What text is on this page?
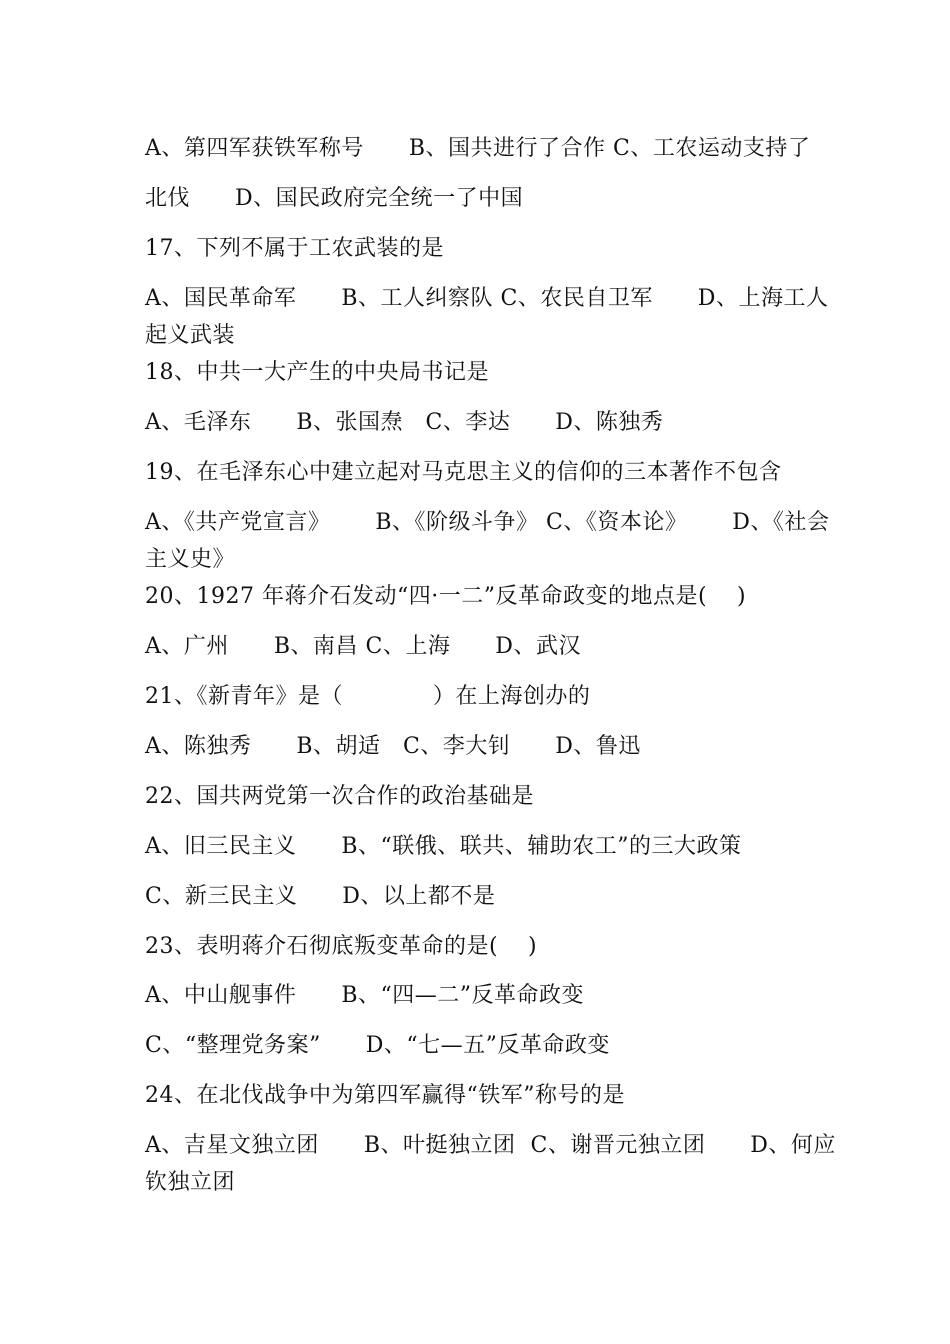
A、第四军获铁军称号      B、国共进行了合作 C、工农运动支持了
北伐      D、国民政府完全统一了中国
17、下列不属于工农武装的是
A、国民革命军      B、工人纠察队 C、农民自卫军      D、上海工人
起义武装
18、中共一大产生的中央局书记是
A、毛泽东      B、张国焘   C、李达      D、陈独秀
19、在毛泽东心中建立起对马克思主义的信仰的三本著作不包含
A、《共产党宣言》      B、《阶级斗争》 C、《资本论》      D、《社会
主义史》
20、1927 年蒋介石发动“四·一二”反革命政变的地点是(    )
A、广州      B、南昌 C、上海      D、武汉
21、《新青年》是（            ）在上海创办的
A、陈独秀      B、胡适   C、李大钊      D、鲁迅
22、国共两党第一次合作的政治基础是
A、旧三民主义      B、“联俄、联共、辅助农工”的三大政策
C、新三民主义      D、以上都不是
23、表明蒋介石彻底叛变革命的是(    )
A、中山舰事件      B、“四—二”反革命政变
C、“整理党务案”      D、“七—五”反革命政变
24、在北伐战争中为第四军赢得“铁军”称号的是
A、吉星文独立团      B、叶挺独立团  C、谢晋元独立团      D、何应
钦独立团
